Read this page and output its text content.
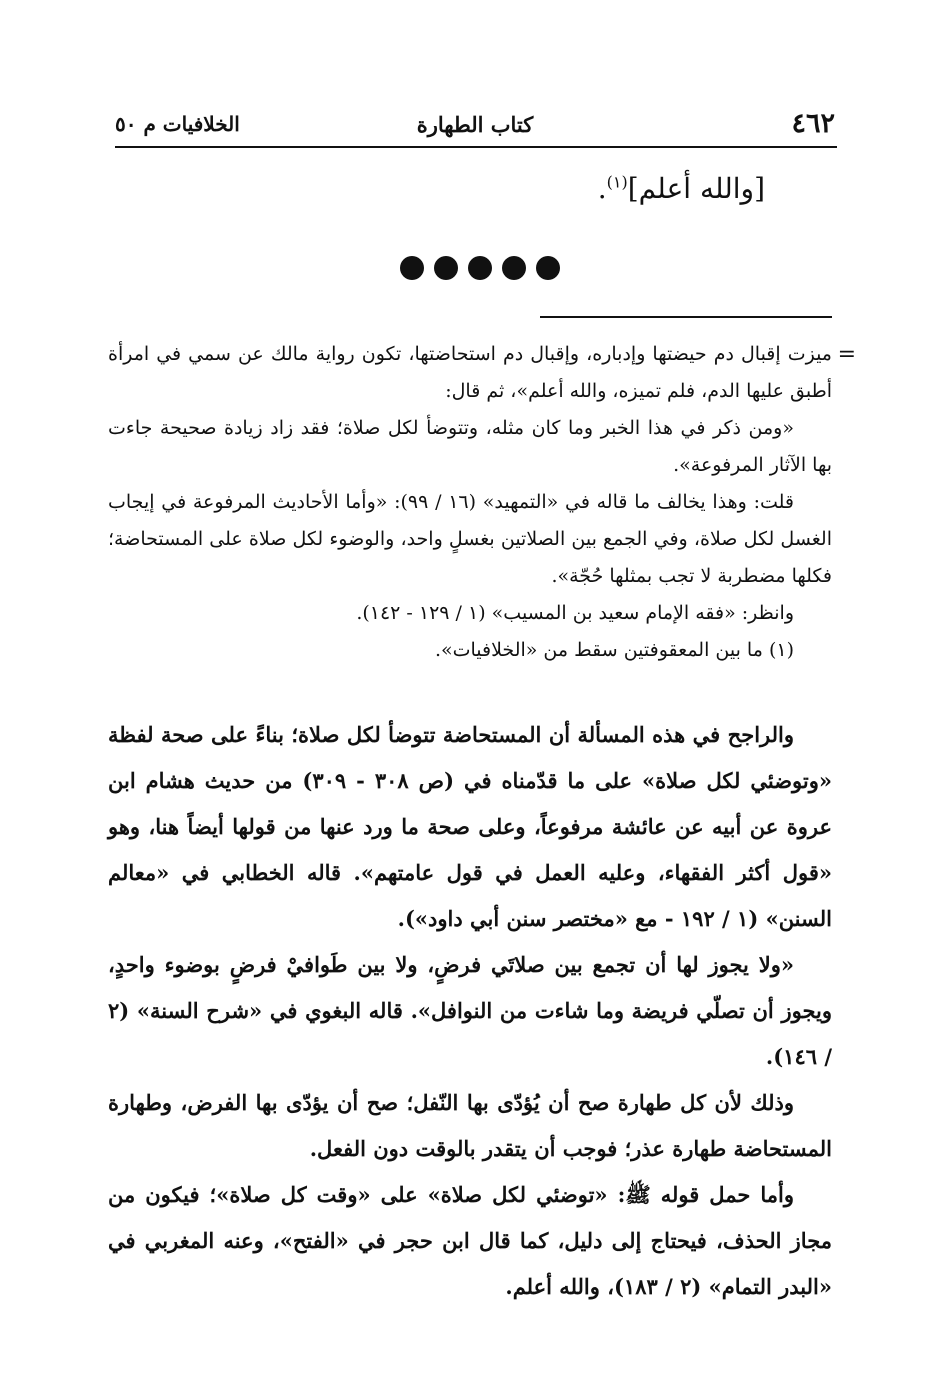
٤٦٢
كتاب الطهارة
الخلافيات م ٥٠
[والله أعلم]$^{(١)}$.
=

ميزت إقبال دم حيضتها وإدباره، وإقبال دم استحاضتها، تكون رواية مالك عن سمي في امرأة أطبق عليها الدم، فلم تميزه، والله أعلم»، ثم قال:

«ومن ذكر في هذا الخبر وما كان مثله، وتتوضأ لكل صلاة؛ فقد زاد زيادة صحيحة جاءت بها الآثار المرفوعة».

قلت: وهذا يخالف ما قاله في «التمهيد» (١٦ / ٩٩): «وأما الأحاديث المرفوعة في إيجاب الغسل لكل صلاة، وفي الجمع بين الصلاتين بغسلٍ واحد، والوضوء لكل صلاة على المستحاضة؛ فكلها مضطربة لا تجب بمثلها حُجّة».

وانظر: «فقه الإمام سعيد بن المسيب» (١ / ١٢٩ - ١٤٢).

(١) ما بين المعقوفتين سقط من «الخلافيات».

والراجح في هذه المسألة أن المستحاضة تتوضأ لكل صلاة؛ بناءً على صحة لفظة «وتوضئي لكل صلاة» على ما قدّمناه في (ص ٣٠٨ - ٣٠٩) من حديث هشام ابن عروة عن أبيه عن عائشة مرفوعاً، وعلى صحة ما ورد عنها من قولها أيضاً هنا، وهو «قول أكثر الفقهاء، وعليه العمل في قول عامتهم». قاله الخطابي في «معالم السنن» (١ / ١٩٢ - مع «مختصر سنن أبي داود»).

«ولا يجوز لها أن تجمع بين صلاتَي فرضٍ، ولا بين طَوافيْ فرضٍ بوضوء واحدٍ، ويجوز أن تصلّي فريضة وما شاءت من النوافل». قاله البغوي في «شرح السنة» (٢ / ١٤٦).

وذلك لأن كل طهارة صح أن يُؤدّى بها النّفل؛ صح أن يؤدّى بها الفرض، وطهارة المستحاضة طهارة عذر؛ فوجب أن يتقدر بالوقت دون الفعل.

وأما حمل قوله ﷺ: «توضئي لكل صلاة» على «وقت كل صلاة»؛ فيكون من مجاز الحذف، فيحتاج إلى دليل، كما قال ابن حجر في «الفتح»، وعنه المغربي في «البدر التمام» (٢ / ١٨٣)، والله أعلم.
